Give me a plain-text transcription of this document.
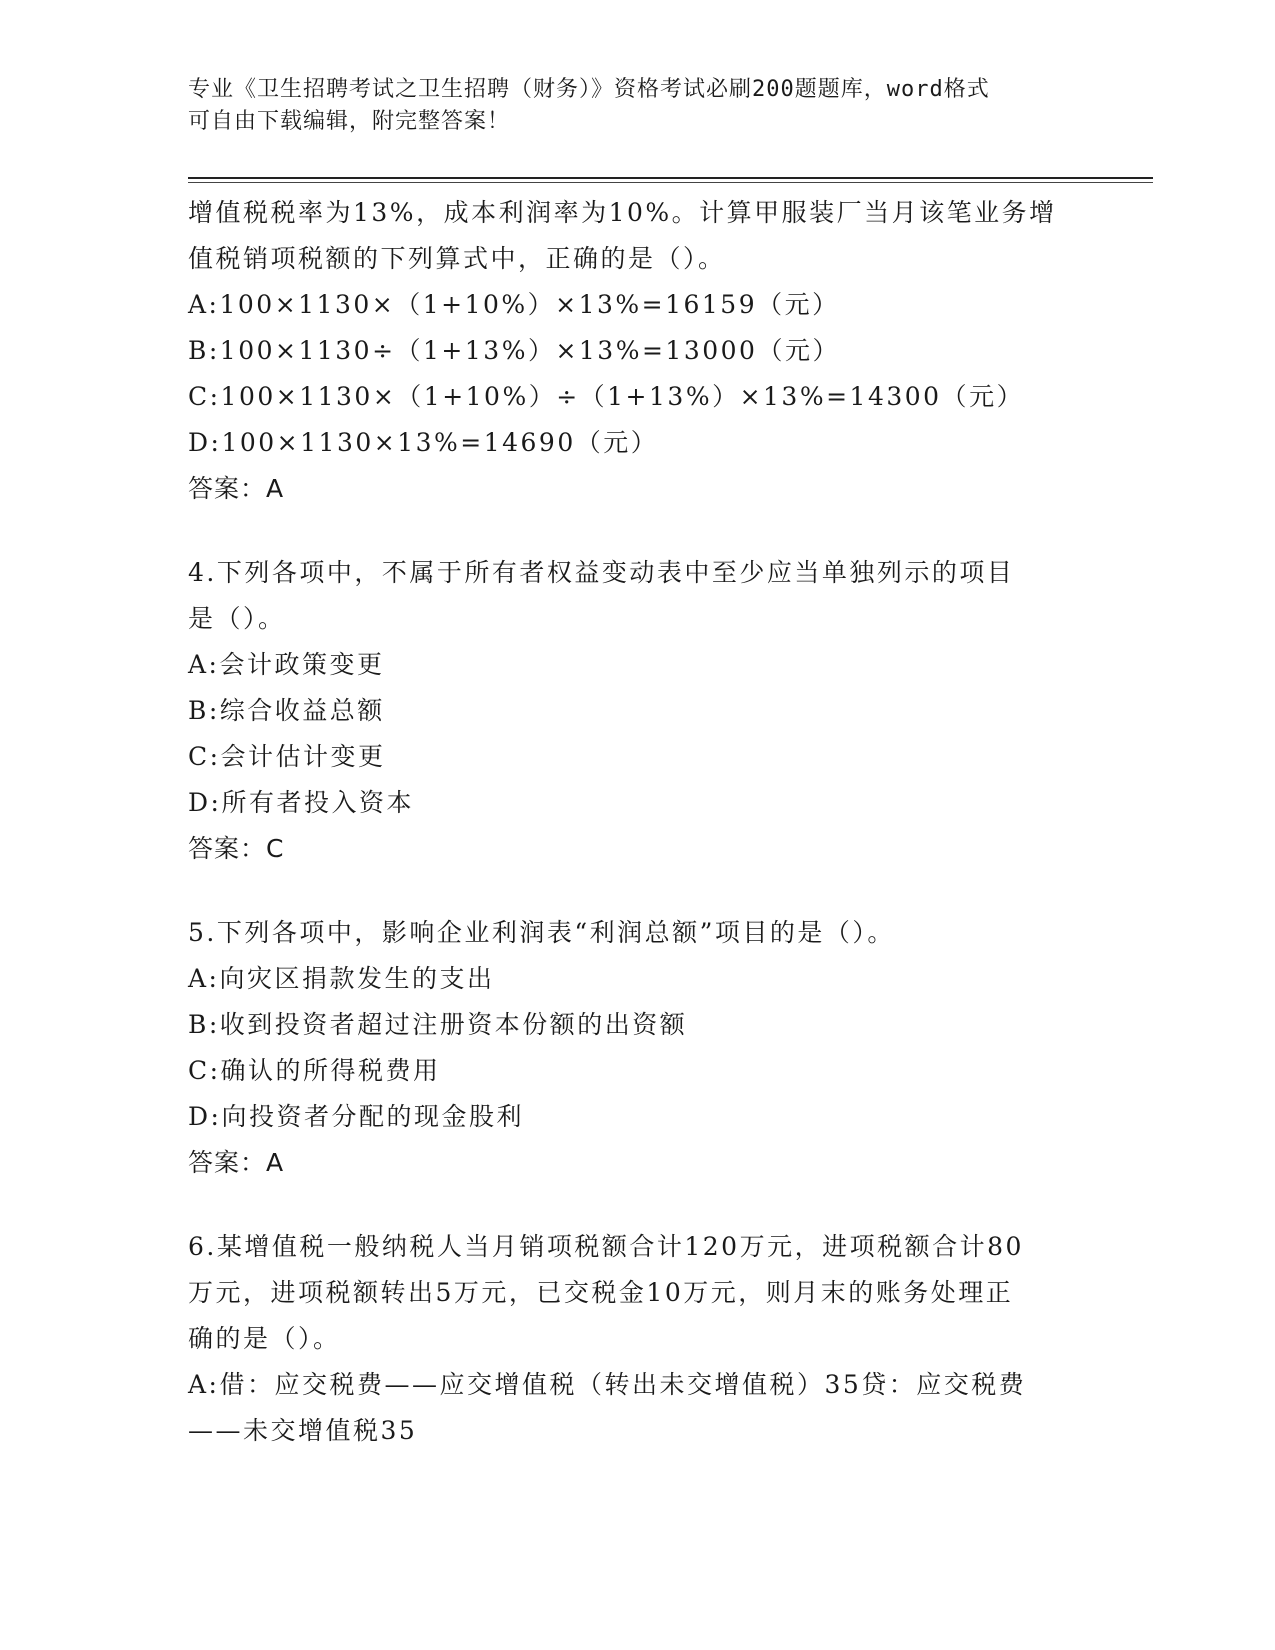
专业《卫生招聘考试之卫生招聘（财务）》资格考试必刷200题题库，word格式
可自由下载编辑，附完整答案！
增值税税率为13%，成本利润率为10%。计算甲服装厂当月该笔业务增
值税销项税额的下列算式中，正确的是（）。
A:100×1130×（1+10%）×13%=16159（元）
B:100×1130÷（1+13%）×13%=13000（元）
C:100×1130×（1+10%）÷（1+13%）×13%=14300（元）
D:100×1130×13%=14690（元）
答案：A
4.下列各项中，不属于所有者权益变动表中至少应当单独列示的项目
是（）。
A:会计政策变更
B:综合收益总额
C:会计估计变更
D:所有者投入资本
答案：C
5.下列各项中，影响企业利润表“利润总额”项目的是（）。
A:向灾区捐款发生的支出
B:收到投资者超过注册资本份额的出资额
C:确认的所得税费用
D:向投资者分配的现金股利
答案：A
6.某增值税一般纳税人当月销项税额合计120万元，进项税额合计80
万元，进项税额转出5万元，已交税金10万元，则月末的账务处理正
确的是（）。
A:借：应交税费——应交增值税（转出未交增值税）35贷：应交税费
——未交增值税35
